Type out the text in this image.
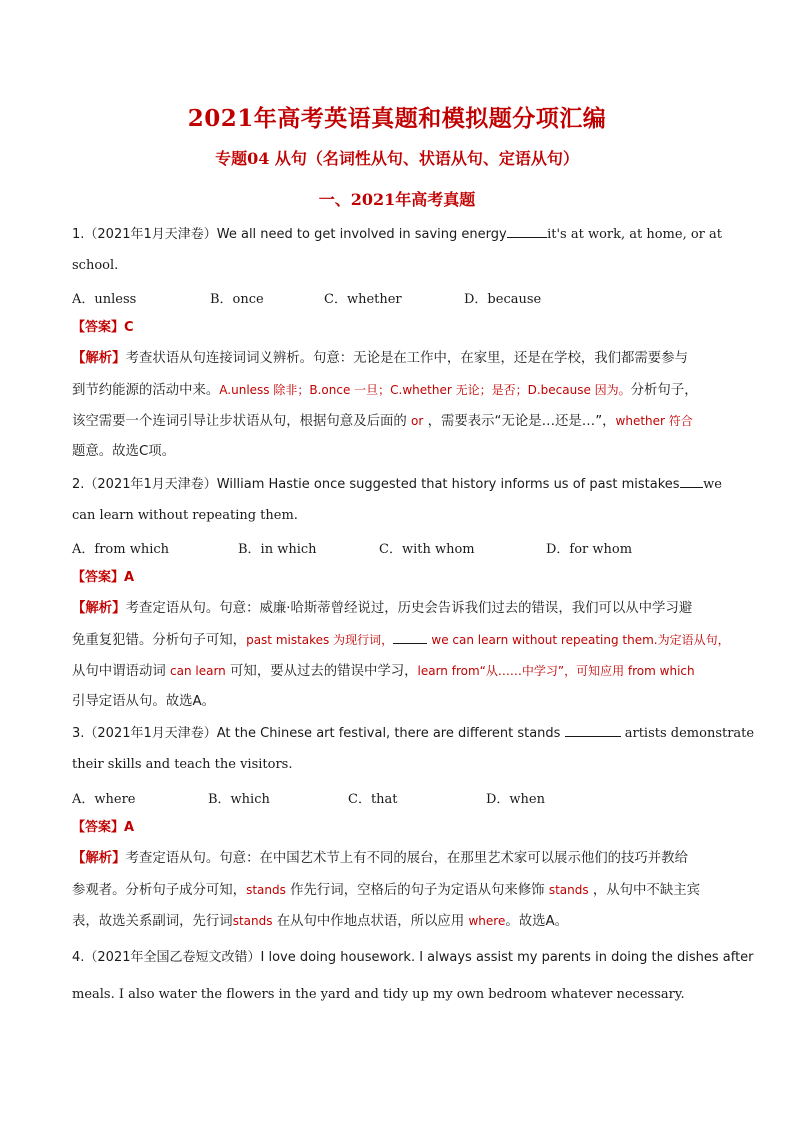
2021年高考英语真题和模拟题分项汇编
专题04 从句（名词性从句、状语从句、定语从句）
一、2021年高考真题
1.（2021年1月天津卷）We all need to get involved in saving energy	it's at work, at home, or at
school.
A．unless	B．once	C．whether	D．because
【答案】C
【解析】考查状语从句连接词词义辨析。句意：无论是在工作中，在家里，还是在学校，我们都需要参与
到节约能源的活动中来。A.unless 除非；B.once 一旦；C.whether 无论；是否；D.because 因为。分析句子，
该空需要一个连词引导让步状语从句，根据句意及后面的 or ，需要表示“无论是…还是…”，whether 符合
题意。故选C项。
2.（2021年1月天津卷）William Hastie once suggested that history informs us of past mistakes we
can learn without repeating them.
A．from which	B．in which	C．with whom	D．for whom
【答案】A
【解析】考查定语从句。句意：威廉·哈斯蒂曾经说过，历史会告诉我们过去的错误，我们可以从中学习避
免重复犯错。分析句子可知，past mistakes 为现行词，	we can learn without repeating them.为定语从句，
从句中谓语动词 can learn 可知，要从过去的错误中学习，learn from“从……中学习”，可知应用 from which
引导定语从句。故选A。
3.（2021年1月天津卷）At the Chinese art festival, there are different stands	artists demonstrate
their skills and teach the visitors.
A．where	B．which	C．that	D．when
【答案】A
【解析】考查定语从句。句意：在中国艺术节上有不同的展台，在那里艺术家可以展示他们的技巧并教给
参观者。分析句子成分可知，stands 作先行词，空格后的句子为定语从句来修饰 stands ，从句中不缺主宾
表，故选关系副词，先行词stands 在从句中作地点状语，所以应用 where。故选A。
4.（2021年全国乙卷短文改错）I love doing housework. I always assist my parents in doing the dishes after
meals. I also water the flowers in the yard and tidy up my own bedroom whatever necessary.
